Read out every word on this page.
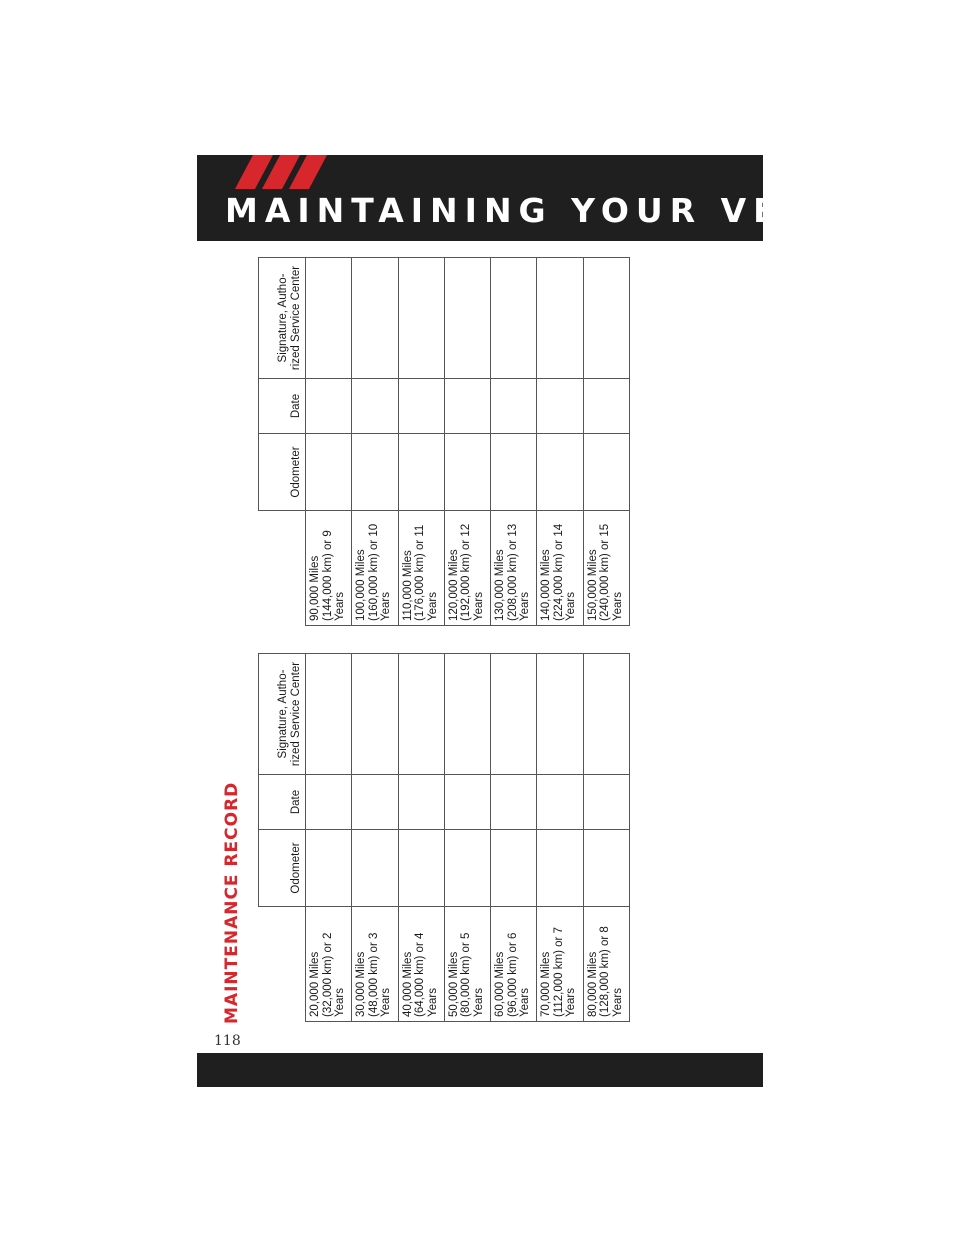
MAINTAINING YOUR VEHICLE
MAINTENANCE RECORD
	Odometer	Date	Signature, Autho-rized Service Center
90,000 Miles (144,000 km) or 9 Years			
100,000 Miles (160,000 km) or 10 Years			
110,000 Miles (176,000 km) or 11 Years			
120,000 Miles (192,000 km) or 12 Years			
130,000 Miles (208,000 km) or 13 Years			
140,000 Miles (224,000 km) or 14 Years			
150,000 Miles (240,000 km) or 15 Years			
	Odometer	Date	Signature, Autho-rized Service Center
20,000 Miles (32,000 km) or 2 Years			
30,000 Miles (48,000 km) or 3 Years			
40,000 Miles (64,000 km) or 4 Years			
50,000 Miles (80,000 km) or 5 Years			
60,000 Miles (96,000 km) or 6 Years			
70,000 Miles (112,000 km) or 7 Years			
80,000 Miles (128,000 km) or 8 Years			
118
